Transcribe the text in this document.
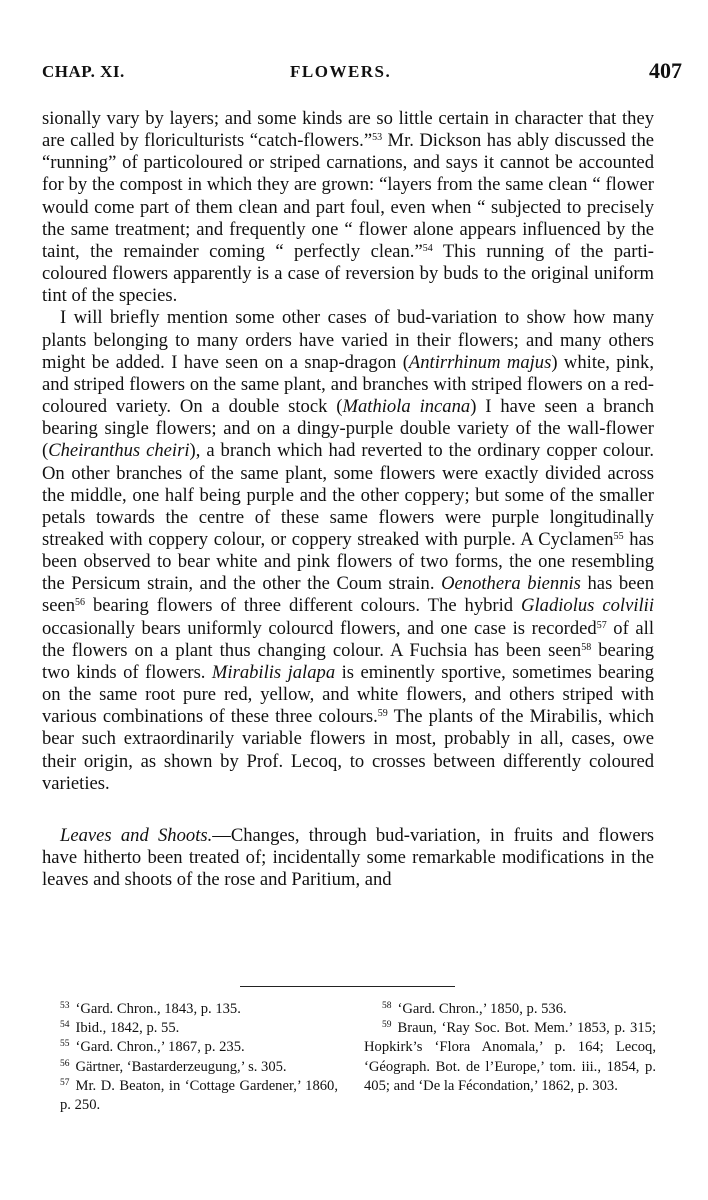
CHAP. XI.	FLOWERS.	407

sionally vary by layers; and some kinds are so little certain in character that they are called by floriculturists “catch-flowers.”$^{53}$ Mr. Dickson has ably discussed the “running” of particoloured or striped carnations, and says it cannot be accounted for by the compost in which they are grown: “layers from the same clean “ flower would come part of them clean and part foul, even when “ subjected to precisely the same treatment; and frequently one “ flower alone appears influenced by the taint, the remainder coming “ perfectly clean.”$^{54}$ This running of the parti-coloured flowers apparently is a case of reversion by buds to the original uniform tint of the species.

I will briefly mention some other cases of bud-variation to show how many plants belonging to many orders have varied in their flowers; and many others might be added. I have seen on a snap-dragon (Antirrhinum majus) white, pink, and striped flowers on the same plant, and branches with striped flowers on a red-coloured variety. On a double stock (Mathiola incana) I have seen a branch bearing single flowers; and on a dingy-purple double variety of the wall-flower (Cheiranthus cheiri), a branch which had reverted to the ordinary copper colour. On other branches of the same plant, some flowers were exactly divided across the middle, one half being purple and the other coppery; but some of the smaller petals towards the centre of these same flowers were purple longitudinally streaked with coppery colour, or coppery streaked with purple. A Cyclamen$^{55}$ has been observed to bear white and pink flowers of two forms, the one resembling the Persicum strain, and the other the Coum strain. Oenothera biennis has been seen$^{56}$ bearing flowers of three different colours. The hybrid Gladiolus colvilii occasionally bears uniformly colourcd flowers, and one case is recorded$^{57}$ of all the flowers on a plant thus changing colour. A Fuchsia has been seen$^{58}$ bearing two kinds of flowers. Mirabilis jalapa is eminently sportive, sometimes bearing on the same root pure red, yellow, and white flowers, and others striped with various combinations of these three colours.$^{59}$ The plants of the Mirabilis, which bear such extraordinarily variable flowers in most, probably in all, cases, owe their origin, as shown by Prof. Lecoq, to crosses between differently coloured varieties.

Leaves and Shoots.—Changes, through bud-variation, in fruits and flowers have hitherto been treated of; incidentally some remarkable modifications in the leaves and shoots of the rose and Paritium, and

$^{53}$ ‘Gard. Chron., 1843, p. 135.

$^{54}$ Ibid., 1842, p. 55.

$^{55}$ ‘Gard. Chron.,’ 1867, p. 235.

$^{56}$ Gärtner, ‘Bastarderzeugung,’ s. 305.

$^{57}$ Mr. D. Beaton, in ‘Cottage Gardener,’ 1860, p. 250.

$^{58}$ ‘Gard. Chron.,’ 1850, p. 536.

$^{59}$ Braun, ‘Ray Soc. Bot. Mem.’ 1853, p. 315; Hopkirk’s ‘Flora Anomala,’ p. 164; Lecoq, ‘Géograph. Bot. de l’Europe,’ tom. iii., 1854, p. 405; and ‘De la Fécondation,’ 1862, p. 303.
